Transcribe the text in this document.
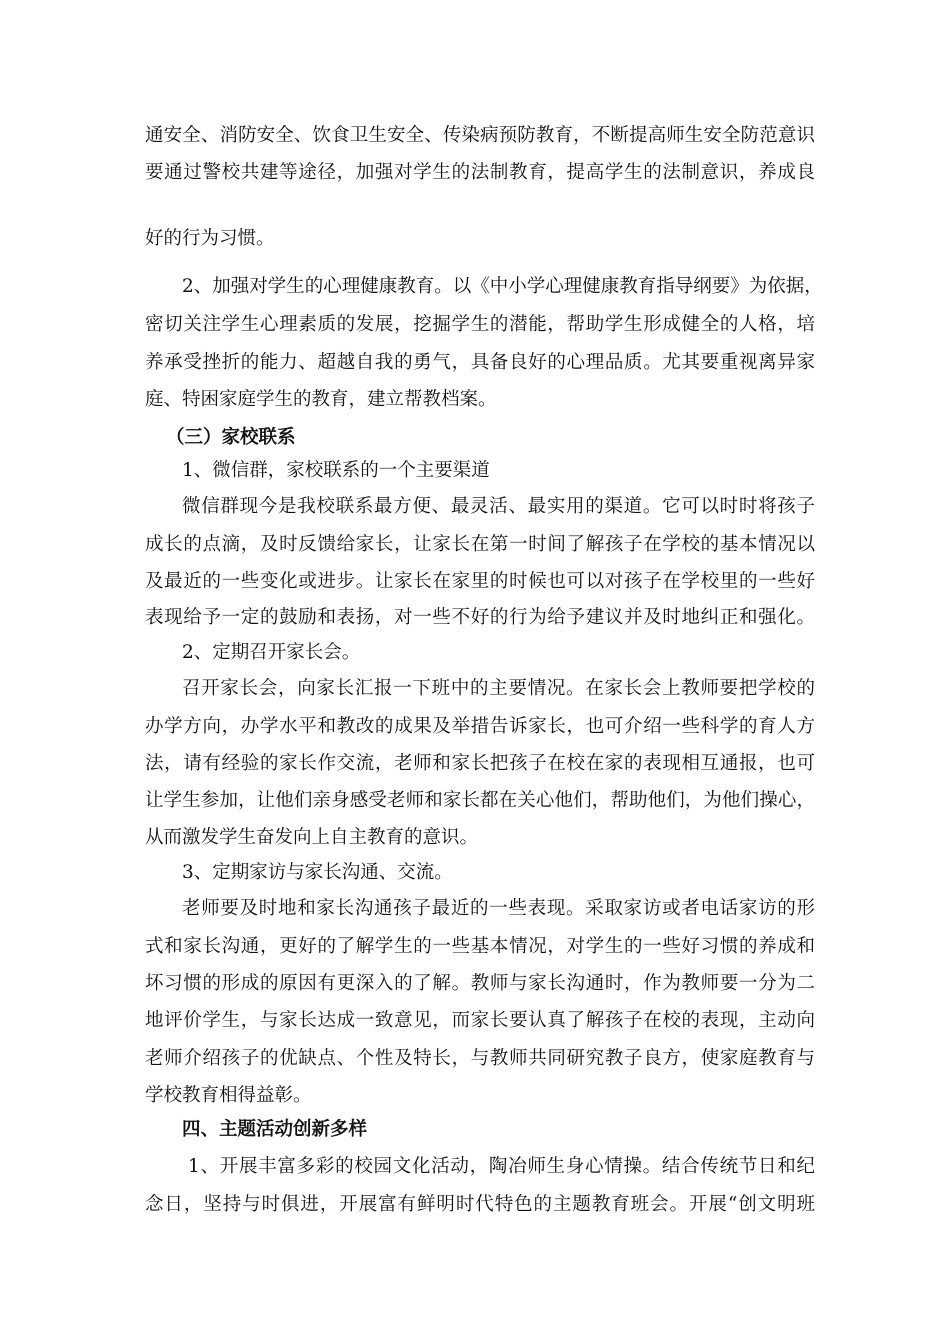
通安全、消防安全、饮食卫生安全、传染病预防教育，不断提高师生安全防范意识
要通过警校共建等途径，加强对学生的法制教育，提高学生的法制意识，养成良
好的行为习惯。
2、加强对学生的心理健康教育。以《中小学心理健康教育指导纲要》为依据，
密切关注学生心理素质的发展，挖掘学生的潜能，帮助学生形成健全的人格，培
养承受挫折的能力、超越自我的勇气，具备良好的心理品质。尤其要重视离异家
庭、特困家庭学生的教育，建立帮教档案。
（三）家校联系
1、微信群，家校联系的一个主要渠道
微信群现今是我校联系最方便、最灵活、最实用的渠道。它可以时时将孩子
成长的点滴，及时反馈给家长，让家长在第一时间了解孩子在学校的基本情况以
及最近的一些变化或进步。让家长在家里的时候也可以对孩子在学校里的一些好
表现给予一定的鼓励和表扬，对一些不好的行为给予建议并及时地纠正和强化。
2、定期召开家长会。
召开家长会，向家长汇报一下班中的主要情况。在家长会上教师要把学校的
办学方向，办学水平和教改的成果及举措告诉家长，也可介绍一些科学的育人方
法，请有经验的家长作交流，老师和家长把孩子在校在家的表现相互通报，也可
让学生参加，让他们亲身感受老师和家长都在关心他们，帮助他们，为他们操心，
从而激发学生奋发向上自主教育的意识。
3、定期家访与家长沟通、交流。
老师要及时地和家长沟通孩子最近的一些表现。采取家访或者电话家访的形
式和家长沟通，更好的了解学生的一些基本情况，对学生的一些好习惯的养成和
坏习惯的形成的原因有更深入的了解。教师与家长沟通时，作为教师要一分为二
地评价学生，与家长达成一致意见，而家长要认真了解孩子在校的表现，主动向
老师介绍孩子的优缺点、个性及特长，与教师共同研究教子良方，使家庭教育与
学校教育相得益彰。
四、主题活动创新多样
1、开展丰富多彩的校园文化活动，陶冶师生身心情操。结合传统节日和纪
念日，坚持与时俱进，开展富有鲜明时代特色的主题教育班会。开展“创文明班
